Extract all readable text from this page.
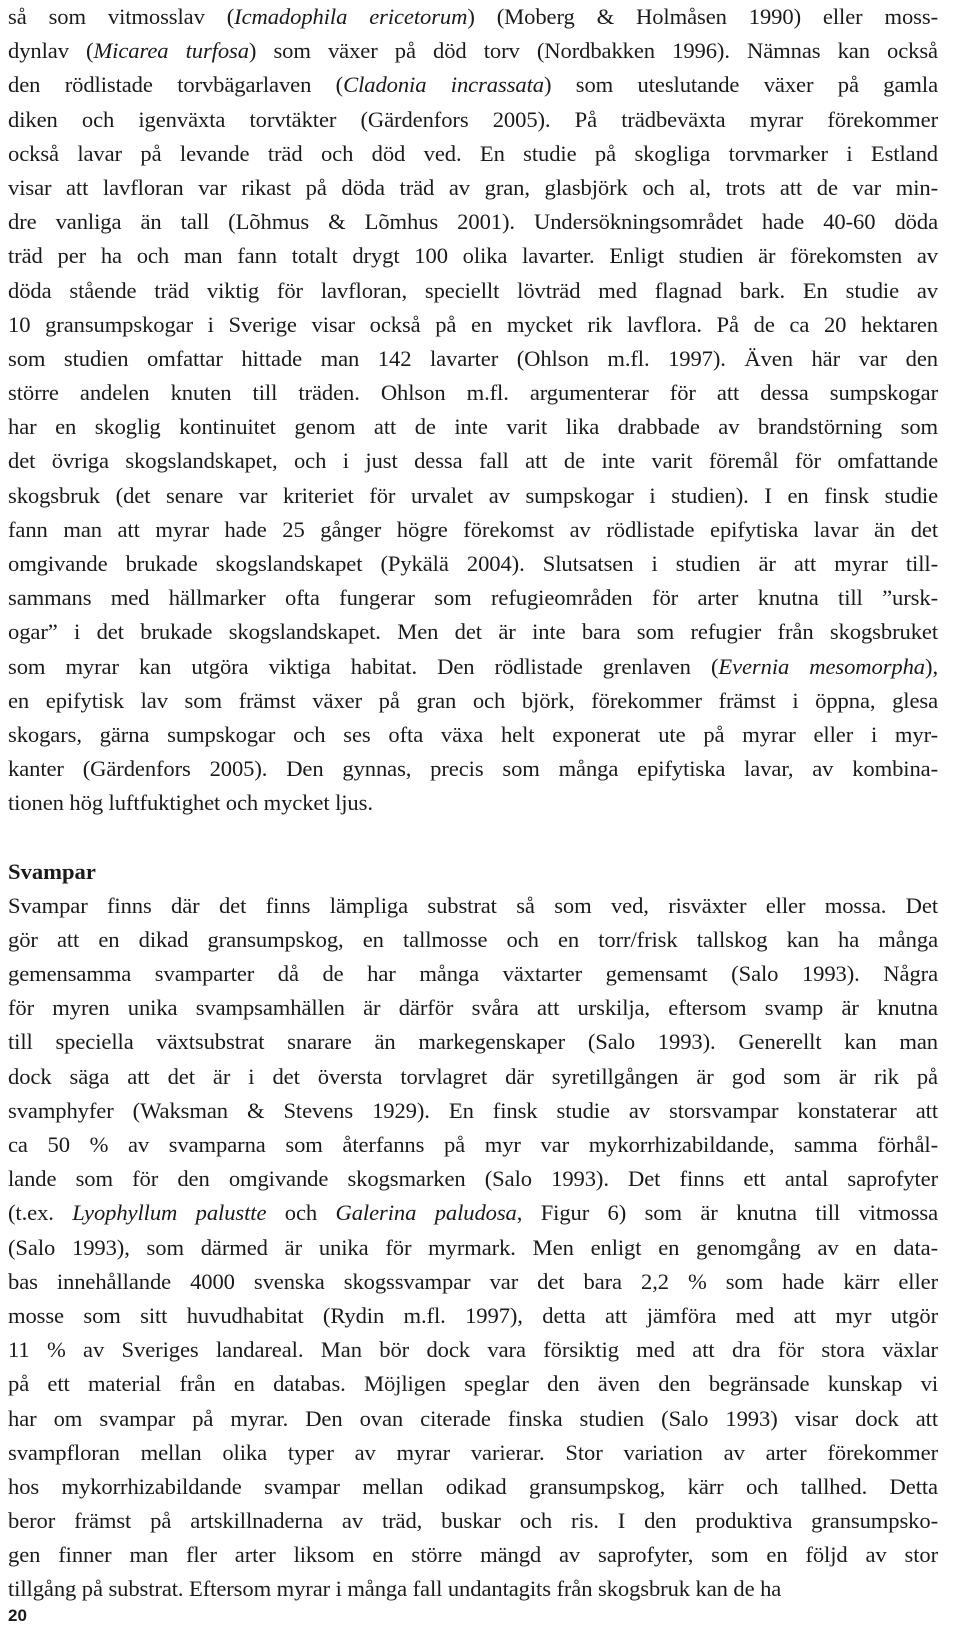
så som vitmosslav (Icmadophila ericetorum) (Moberg & Holmåsen 1990) eller moss-
dynlav (Micarea turfosa) som växer på död torv (Nordbakken 1996). Nämnas kan också
den rödlistade torvbägarlaven (Cladonia incrassata) som uteslutande växer på gamla
diken och igenväxta torvtäkter (Gärdenfors 2005). På trädbeväxta myrar förekommer
också lavar på levande träd och död ved. En studie på skogliga torvmarker i Estland
visar att lavfloran var rikast på döda träd av gran, glasbjörk och al, trots att de var min-
dre vanliga än tall (Lõhmus & Lõmhus 2001). Undersökningsområdet hade 40-60 döda
träd per ha och man fann totalt drygt 100 olika lavarter. Enligt studien är förekomsten av
döda stående träd viktig för lavfloran, speciellt lövträd med flagnad bark. En studie av
10 gransumpskogar i Sverige visar också på en mycket rik lavflora. På de ca 20 hektaren
som studien omfattar hittade man 142 lavarter (Ohlson m.fl. 1997). Även här var den
större andelen knuten till träden. Ohlson m.fl. argumenterar för att dessa sumpskogar
har en skoglig kontinuitet genom att de inte varit lika drabbade av brandstörning som
det övriga skogslandskapet, och i just dessa fall att de inte varit föremål för omfattande
skogsbruk (det senare var kriteriet för urvalet av sumpskogar i studien). I en finsk studie
fann man att myrar hade 25 gånger högre förekomst av rödlistade epifytiska lavar än det
omgivande brukade skogslandskapet (Pykälä 2004). Slutsatsen i studien är att myrar till-
sammans med hällmarker ofta fungerar som refugieområden för arter knutna till ”ursk-
ogar” i det brukade skogslandskapet. Men det är inte bara som refugier från skogsbruket
som myrar kan utgöra viktiga habitat. Den rödlistade grenlaven (Evernia mesomorpha),
en epifytisk lav som främst växer på gran och björk, förekommer främst i öppna, glesa
skogars, gärna sumpskogar och ses ofta växa helt exponerat ute på myrar eller i myr-
kanter (Gärdenfors 2005). Den gynnas, precis som många epifytiska lavar, av kombina-
tionen hög luftfuktighet och mycket ljus.
Svampar
Svampar finns där det finns lämpliga substrat så som ved, risväxter eller mossa. Det
gör att en dikad gransumpskog, en tallmosse och en torr/frisk tallskog kan ha många
gemensamma svamparter då de har många växtarter gemensamt (Salo 1993). Några
för myren unika svampsamhällen är därför svåra att urskilja, eftersom svamp är knutna
till speciella växtsubstrat snarare än markegenskaper (Salo 1993). Generellt kan man
dock säga att det är i det översta torvlagret där syretillgången är god som är rik på
svamphyfer (Waksman & Stevens 1929). En finsk studie av storsvampar konstaterar att
ca 50 % av svamparna som återfanns på myr var mykorrhizabildande, samma förhål-
lande som för den omgivande skogsmarken (Salo 1993). Det finns ett antal saprofyter
(t.ex. Lyophyllum palustte och Galerina paludosa, Figur 6) som är knutna till vitmossa
(Salo 1993), som därmed är unika för myrmark. Men enligt en genomgång av en data-
bas innehållande 4000 svenska skogssvampar var det bara 2,2 % som hade kärr eller
mosse som sitt huvudhabitat (Rydin m.fl. 1997), detta att jämföra med att myr utgör
11 % av Sveriges landareal. Man bör dock vara försiktig med att dra för stora växlar
på ett material från en databas. Möjligen speglar den även den begränsade kunskap vi
har om svampar på myrar. Den ovan citerade finska studien (Salo 1993) visar dock att
svampfloran mellan olika typer av myrar varierar. Stor variation av arter förekommer
hos mykorrhizabildande svampar mellan odikad gransumpskog, kärr och tallhed. Detta
beror främst på artskillnaderna av träd, buskar och ris. I den produktiva gransumpsko-
gen finner man fler arter liksom en större mängd av saprofyter, som en följd av stor
tillgång på substrat. Eftersom myrar i många fall undantagits från skogsbruk kan de ha
20
